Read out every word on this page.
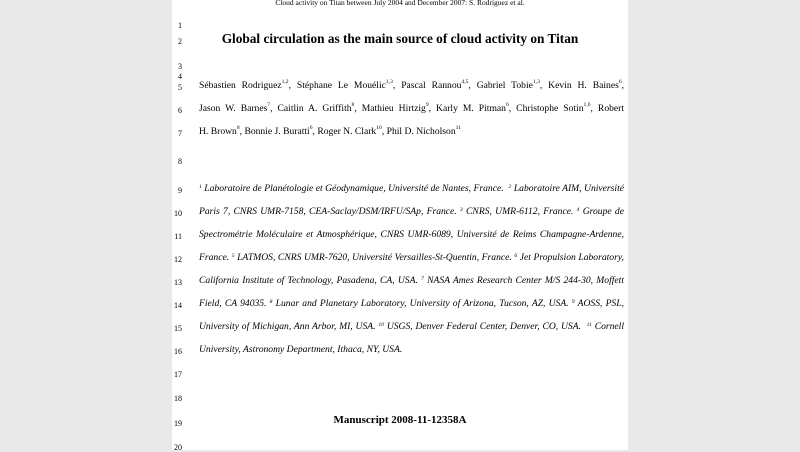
Cloud activity on Titan between July 2004 and December 2007: S. Rodriguez et al.
1
2
3
4
5
6
7
8
9
10
11
12
13
14
15
16
17
18
19
20
Global circulation as the main source of cloud activity on Titan
Sébastien Rodriguez$^{1,2}$, Stéphane Le Mouélic$^{1,3}$, Pascal Rannou$^{4,5}$, Gabriel Tobie$^{1,3}$, Kevin H. Baines$^6$,
Jason W. Barnes$^7$, Caitlin A. Griffith$^8$, Mathieu Hirtzig$^9$, Karly M. Pitman$^6$, Christophe Sotin$^{1,6}$, Robert
H. Brown$^8$, Bonnie J. Buratti$^6$, Roger N. Clark$^{10}$, Phil D. Nicholson$^{11}$
$^1$ Laboratoire de Planétologie et Géodynamique, Université de Nantes, France. $^2$ Laboratoire AIM, Université Paris 7, CNRS UMR-7158, CEA-Saclay/DSM/IRFU/SAp, France. $^3$ CNRS, UMR-6112, France. $^4$ Groupe de Spectrométrie Moléculaire et Atmosphérique, CNRS UMR-6089, Université de Reims Champagne-Ardenne, France. $^5$ LATMOS, CNRS UMR-7620, Université Versailles-St-Quentin, France. $^6$ Jet Propulsion Laboratory, California Institute of Technology, Pasadena, CA, USA. $^7$ NASA Ames Research Center M/S 244-30, Moffett Field, CA 94035. $^8$ Lunar and Planetary Laboratory, University of Arizona, Tucson, AZ, USA. $^9$ AOSS, PSL, University of Michigan, Ann Arbor, MI, USA. $^{10}$ USGS, Denver Federal Center, Denver, CO, USA. $^{11}$ Cornell University, Astronomy Department, Ithaca, NY, USA.
Manuscript 2008-11-12358A
